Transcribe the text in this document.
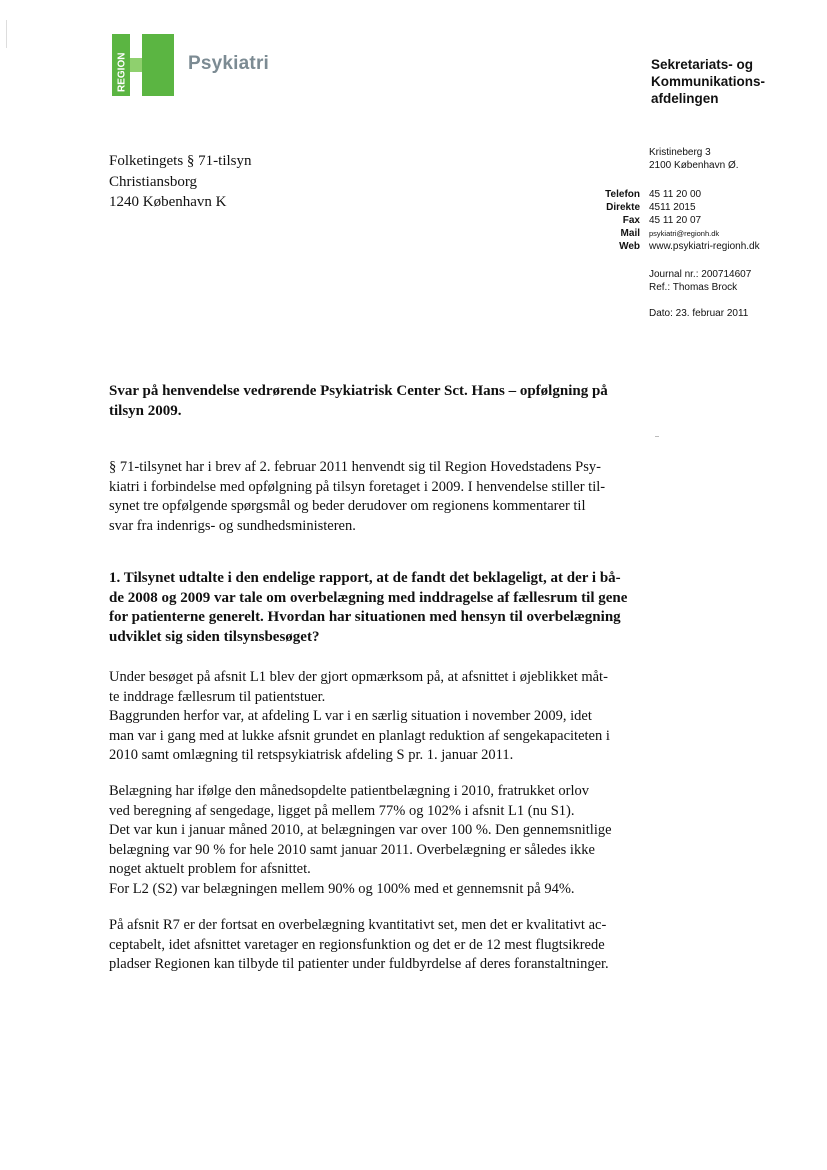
REGION	Psykiatri	Sekretariats- og
Kommunikations-
afdelingen
Folketingets § 71-tilsyn
Christiansborg
1240 København K
Kristineberg 3
2100 København Ø.
Telefon 45 11 20 00
Direkte 4511 2015
Fax 45 11 20 07
Mail	psykiatri@regionh.dk
Web www.psykiatri-regionh.dk
Journal nr.: 200714607
Ref.: Thomas Brock
Dato: 23. februar 2011
Svar på henvendelse vedrørende Psykiatrisk Center Sct. Hans – opfølgning på
tilsyn 2009.
§ 71-tilsynet har i brev af 2. februar 2011 henvendt sig til Region Hovedstadens Psy-
kiatri i forbindelse med opfølgning på tilsyn foretaget i 2009. I henvendelse stiller til-
synet tre opfølgende spørgsmål og beder derudover om regionens kommentarer til
svar fra indenrigs- og sundhedsministeren.
1. Tilsynet udtalte i den endelige rapport, at de fandt det beklageligt, at der i bå-
de 2008 og 2009 var tale om overbelægning med inddragelse af fællesrum til gene
for patienterne generelt. Hvordan har situationen med hensyn til overbelægning
udviklet sig siden tilsynsbesøget?
Under besøget på afsnit L1 blev der gjort opmærksom på, at afsnittet i øjeblikket måt-
te inddrage fællesrum til patientstuer.
Baggrunden herfor var, at afdeling L var i en særlig situation i november 2009, idet
man var i gang med at lukke afsnit grundet en planlagt reduktion af sengekapaciteten i
2010 samt omlægning til retspsykiatrisk afdeling S pr. 1. januar 2011.
Belægning har ifølge den månedsopdelte patientbelægning i 2010, fratrukket orlov
ved beregning af sengedage, ligget på mellem 77% og 102% i afsnit L1 (nu S1).
Det var kun i januar måned 2010, at belægningen var over 100 %. Den gennemsnitlige
belægning var 90 % for hele 2010 samt januar 2011. Overbelægning er således ikke
noget aktuelt problem for afsnittet.
For L2 (S2) var belægningen mellem 90% og 100% med et gennemsnit på 94%.
På afsnit R7 er der fortsat en overbelægning kvantitativt set, men det er kvalitativt ac-
ceptabelt, idet afsnittet varetager en regionsfunktion og det er de 12 mest flugtsikrede
pladser Regionen kan tilbyde til patienter under fuldbyrdelse af deres foranstaltninger.
